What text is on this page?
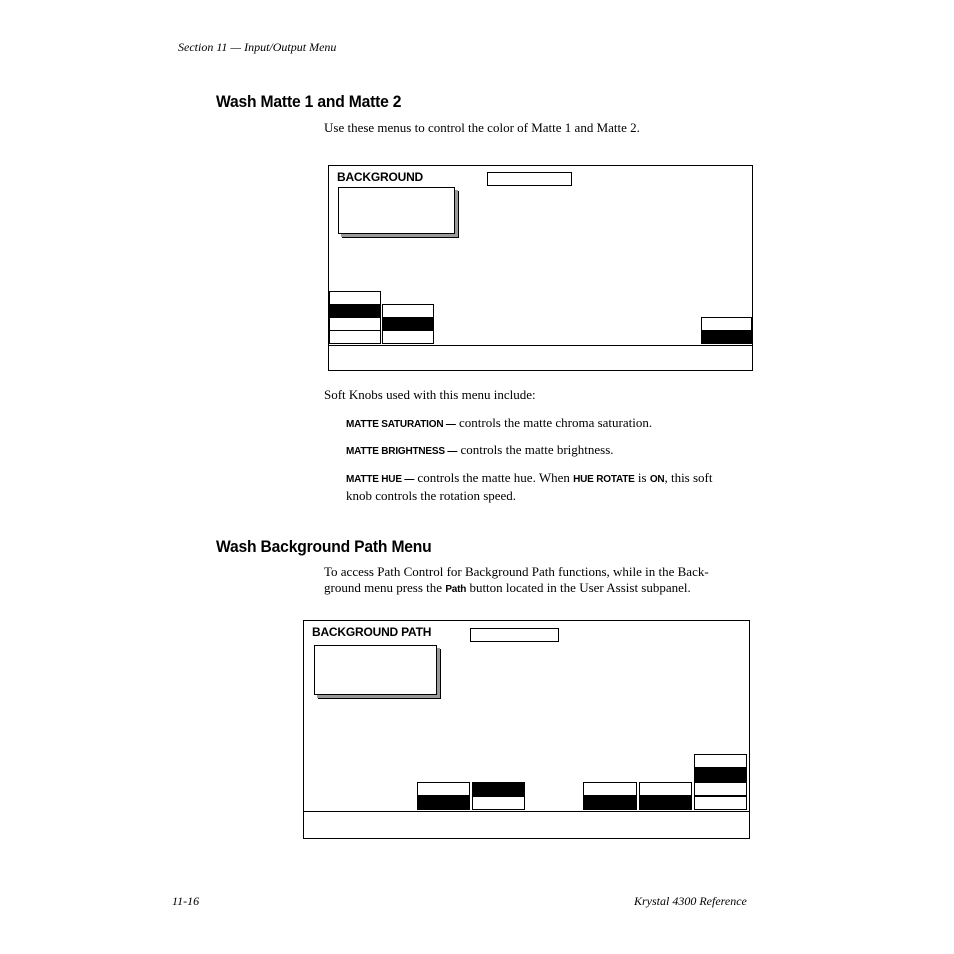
Section 11 — Input/Output Menu
Wash Matte 1 and Matte 2
Use these menus to control the color of Matte 1 and Matte 2.
BACKGROUND
Soft Knobs used with this menu include:
MATTE SATURATION — controls the matte chroma saturation.
MATTE BRIGHTNESS — controls the matte brightness.
MATTE HUE — controls the matte hue. When HUE ROTATE is ON, this soft
knob controls the rotation speed.
Wash Background Path Menu
To access Path Control for Background Path functions, while in the Back-
ground menu press the Path button located in the User Assist subpanel.
BACKGROUND PATH
11-16	Krystal 4300 Reference
